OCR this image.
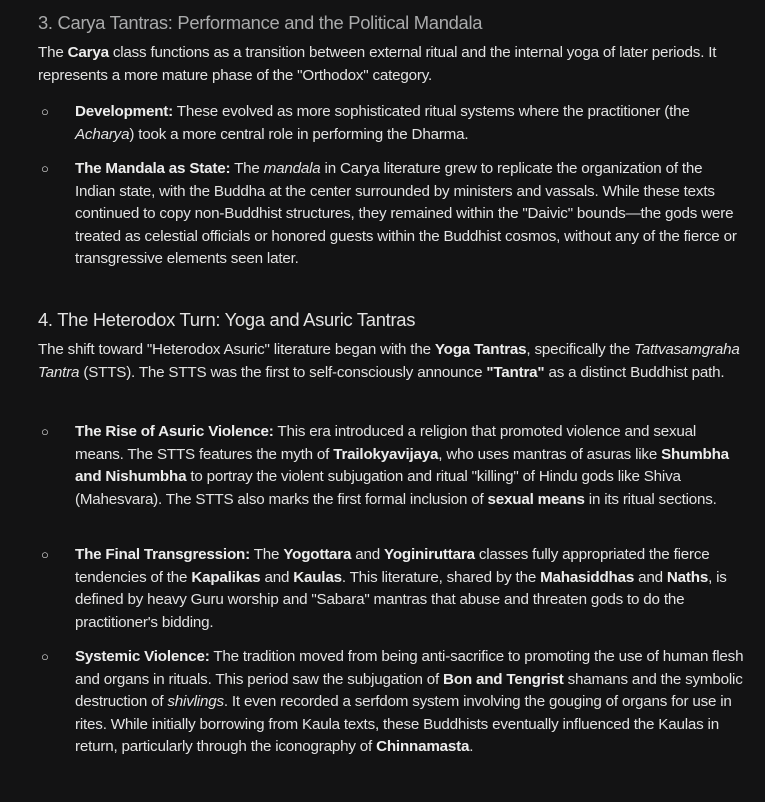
3. Carya Tantras: Performance and the Political Mandala

The Carya class functions as a transition between external ritual and the internal yoga of later periods. It represents a more mature phase of the "Orthodox" category.

○ Development: These evolved as more sophisticated ritual systems where the practitioner (the Acharya) took a more central role in performing the Dharma.
○ The Mandala as State: The mandala in Carya literature grew to replicate the organization of the Indian state, with the Buddha at the center surrounded by ministers and vassals. While these texts continued to copy non-Buddhist structures, they remained within the "Daivic" bounds—the gods were treated as celestial officials or honored guests within the Buddhist cosmos, without any of the fierce or transgressive elements seen later.
4. The Heterodox Turn: Yoga and Asuric Tantras

The shift toward "Heterodox Asuric" literature began with the Yoga Tantras, specifically the Tattvasamgraha Tantra (STTS). The STTS was the first to self-consciously announce "Tantra" as a distinct Buddhist path.

○ The Rise of Asuric Violence: This era introduced a religion that promoted violence and sexual means. The STTS features the myth of Trailokyavijaya, who uses mantras of asuras like Shumbha and Nishumbha to portray the violent subjugation and ritual "killing" of Hindu gods like Shiva (Mahesvara). The STTS also marks the first formal inclusion of sexual means in its ritual sections.
○ The Final Transgression: The Yogottara and Yoginiruttara classes fully appropriated the fierce tendencies of the Kapalikas and Kaulas. This literature, shared by the Mahasiddhas and Naths, is defined by heavy Guru worship and "Sabara" mantras that abuse and threaten gods to do the practitioner's bidding.
○ Systemic Violence: The tradition moved from being anti-sacrifice to promoting the use of human flesh and organs in rituals. This period saw the subjugation of Bon and Tengrist shamans and the symbolic destruction of shivlings. It even recorded a serfdom system involving the gouging of organs for use in rites. While initially borrowing from Kaula texts, these Buddhists eventually influenced the Kaulas in return, particularly through the iconography of Chinnamasta.
